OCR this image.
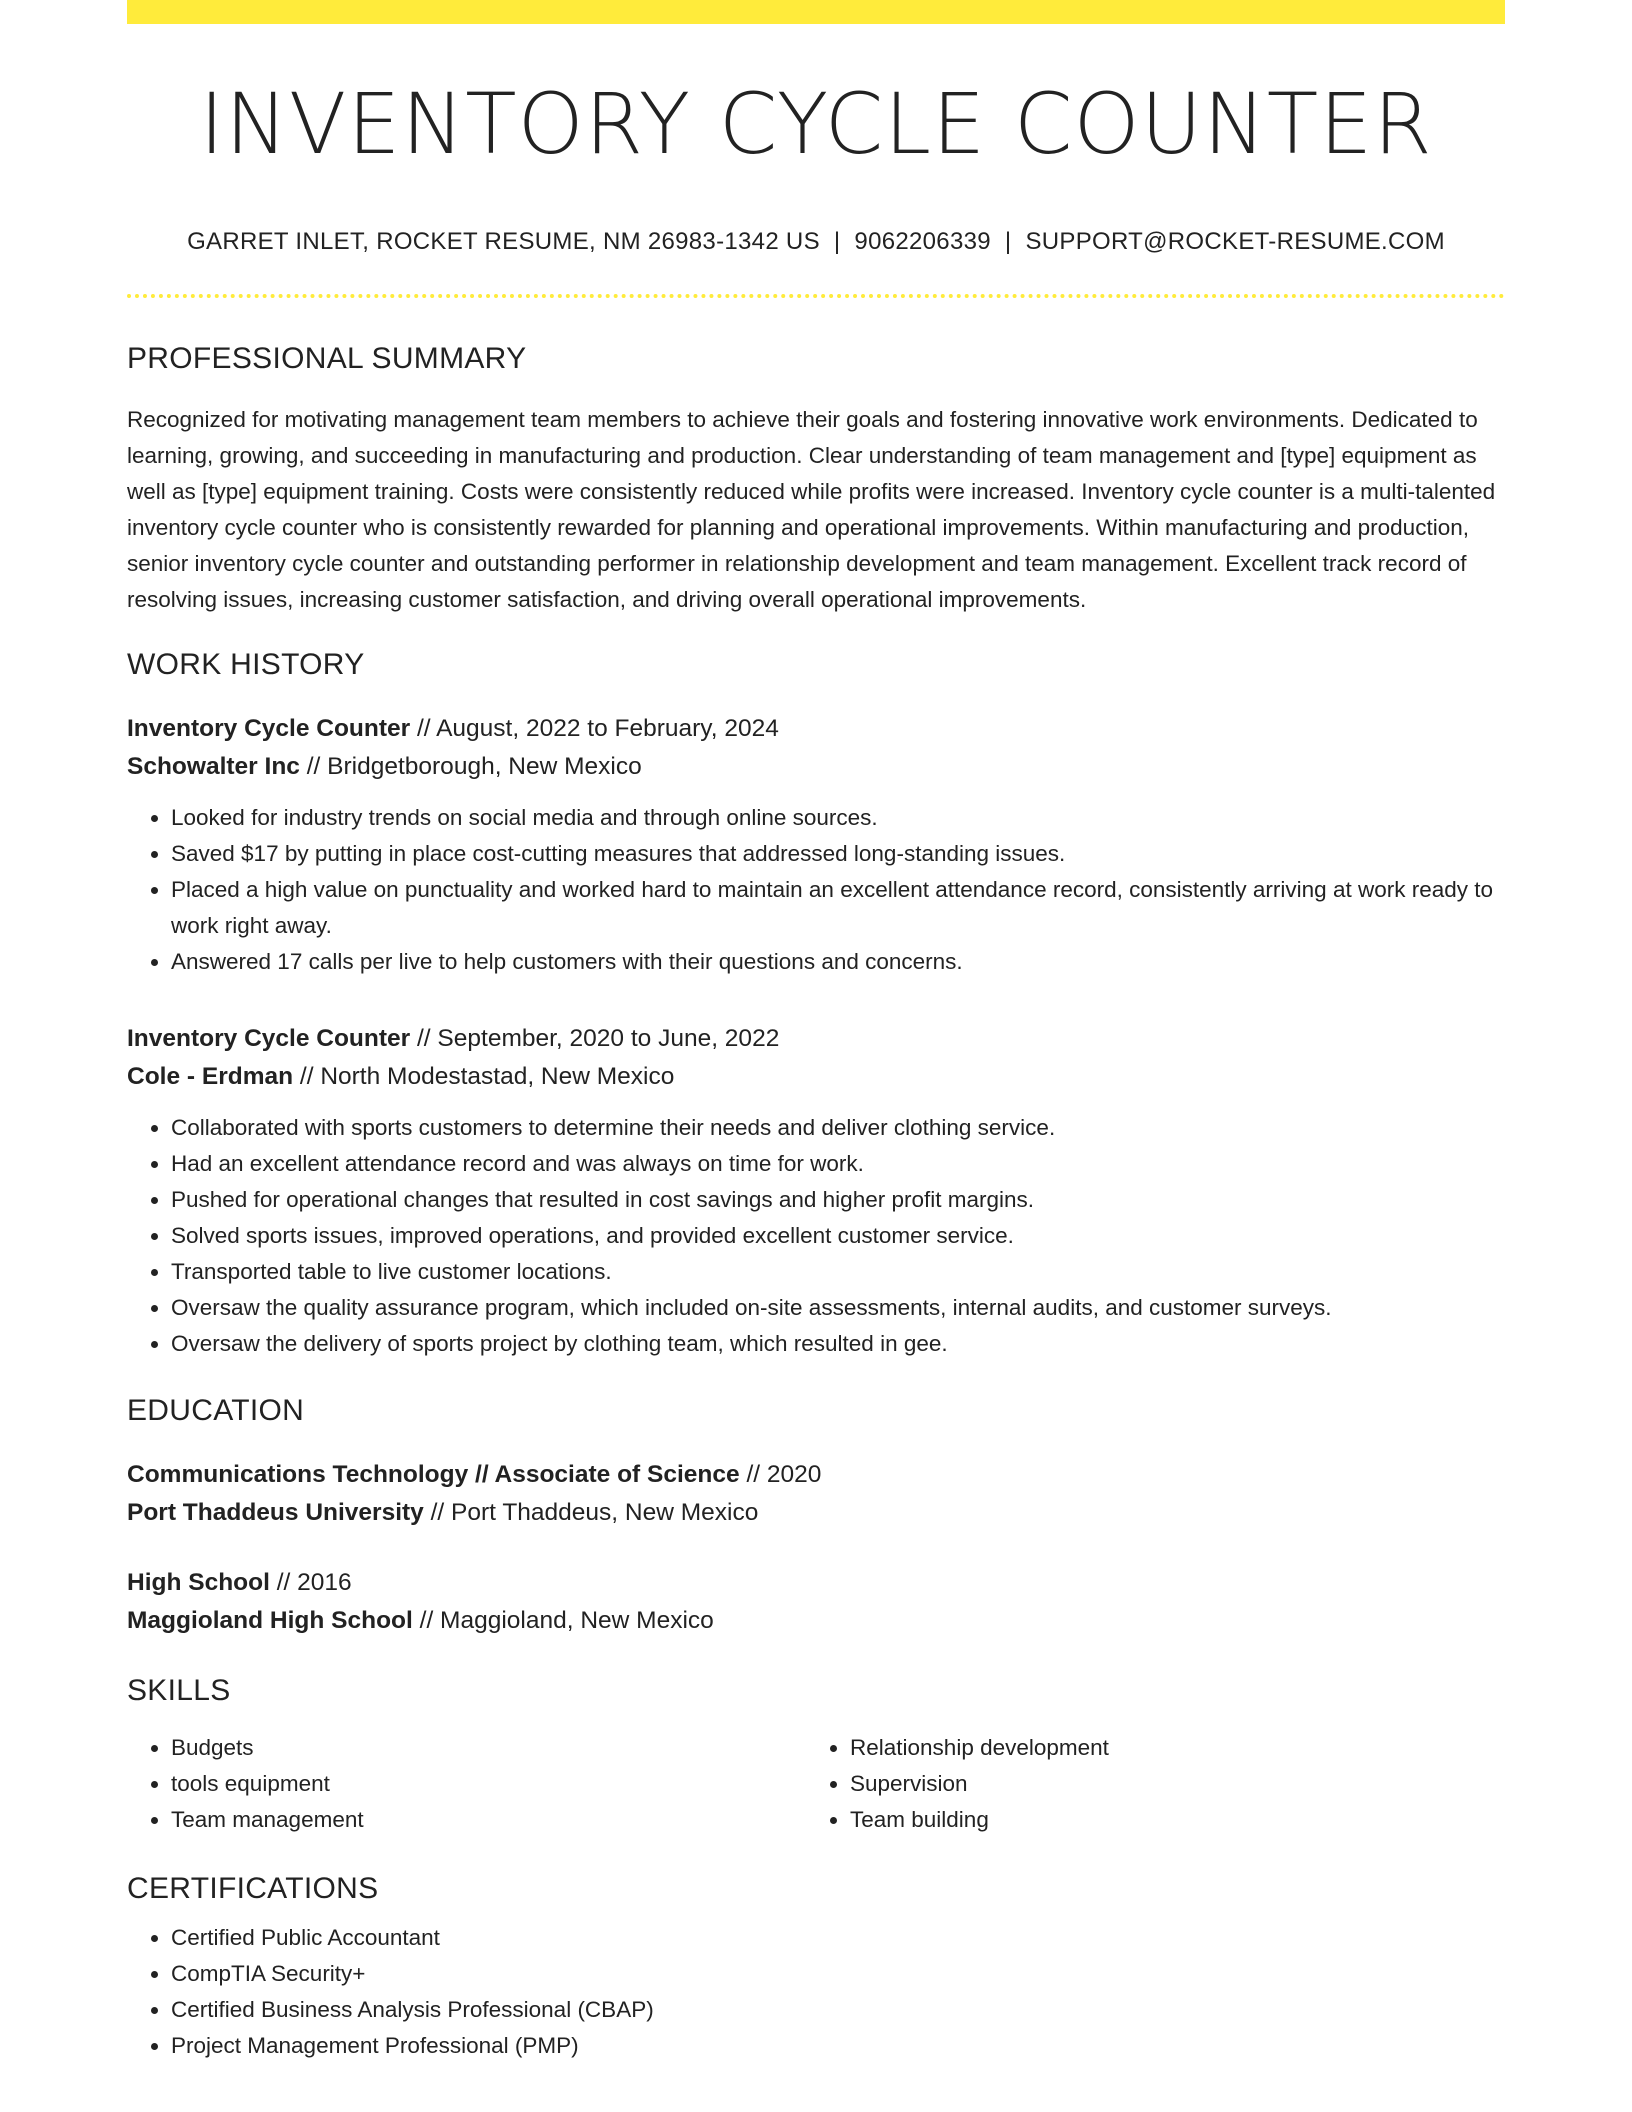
INVENTORY CYCLE COUNTER
GARRET INLET, ROCKET RESUME, NM 26983-1342 US | 9062206339 | SUPPORT@ROCKET-RESUME.COM
PROFESSIONAL SUMMARY
Recognized for motivating management team members to achieve their goals and fostering innovative work environments. Dedicated to learning, growing, and succeeding in manufacturing and production. Clear understanding of team management and [type] equipment as well as [type] equipment training. Costs were consistently reduced while profits were increased. Inventory cycle counter is a multi-talented inventory cycle counter who is consistently rewarded for planning and operational improvements. Within manufacturing and production, senior inventory cycle counter and outstanding performer in relationship development and team management. Excellent track record of resolving issues, increasing customer satisfaction, and driving overall operational improvements.
WORK HISTORY
Inventory Cycle Counter // August, 2022 to February, 2024
Schowalter Inc // Bridgetborough, New Mexico
• Looked for industry trends on social media and through online sources.
• Saved $17 by putting in place cost-cutting measures that addressed long-standing issues.
• Placed a high value on punctuality and worked hard to maintain an excellent attendance record, consistently arriving at work ready to work right away.
• Answered 17 calls per live to help customers with their questions and concerns.
Inventory Cycle Counter // September, 2020 to June, 2022
Cole - Erdman // North Modestastad, New Mexico
• Collaborated with sports customers to determine their needs and deliver clothing service.
• Had an excellent attendance record and was always on time for work.
• Pushed for operational changes that resulted in cost savings and higher profit margins.
• Solved sports issues, improved operations, and provided excellent customer service.
• Transported table to live customer locations.
• Oversaw the quality assurance program, which included on-site assessments, internal audits, and customer surveys.
• Oversaw the delivery of sports project by clothing team, which resulted in gee.
EDUCATION
Communications Technology // Associate of Science // 2020
Port Thaddeus University // Port Thaddeus, New Mexico
High School // 2016
Maggioland High School // Maggioland, New Mexico
SKILLS
• Budgets
• tools equipment
• Team management
• Relationship development
• Supervision
• Team building
CERTIFICATIONS
• Certified Public Accountant
• CompTIA Security+
• Certified Business Analysis Professional (CBAP)
• Project Management Professional (PMP)
